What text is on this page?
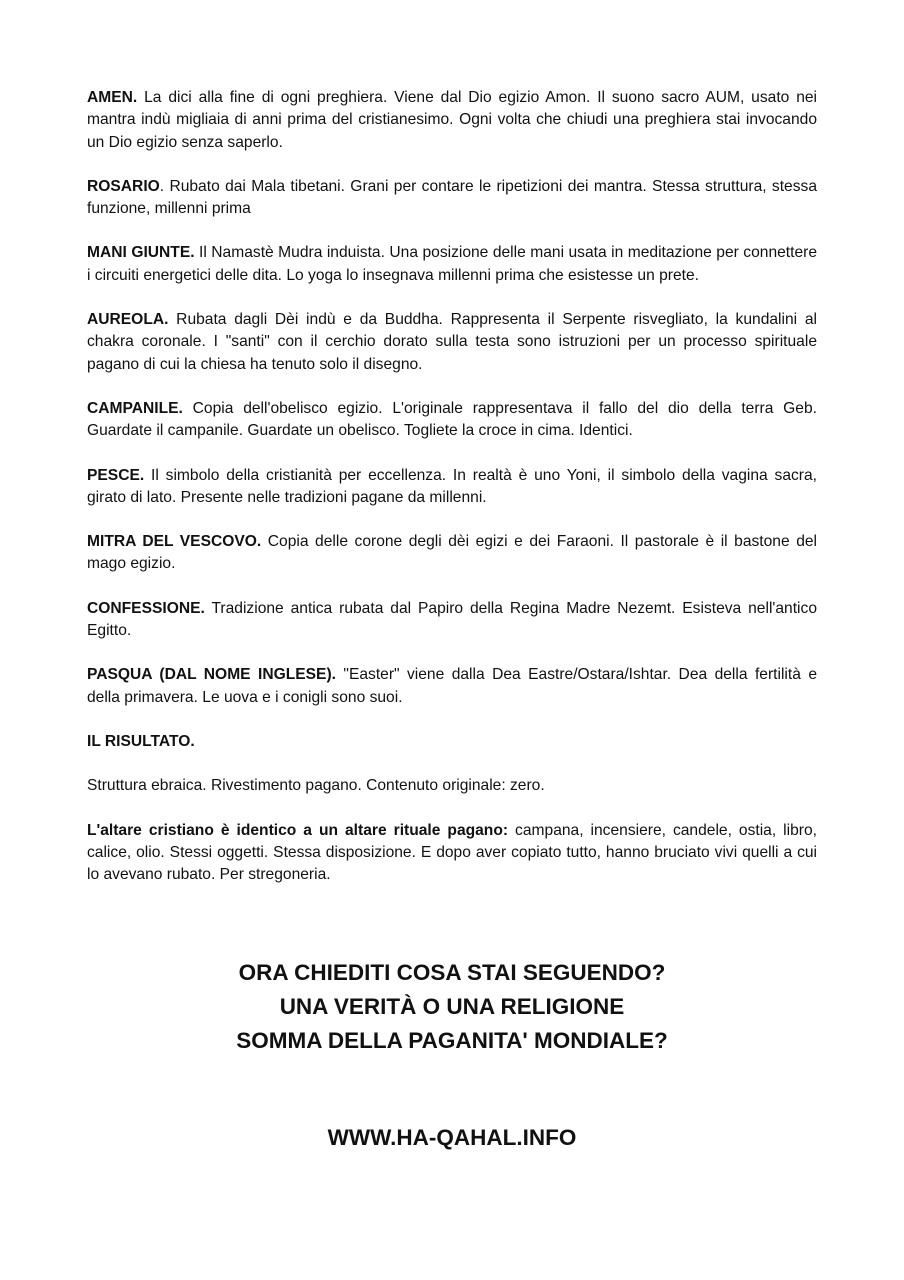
AMEN. La dici alla fine di ogni preghiera. Viene dal Dio egizio Amon. Il suono sacro AUM, usato nei mantra indù migliaia di anni prima del cristianesimo. Ogni volta che chiudi una preghiera stai invocando un Dio egizio senza saperlo.

ROSARIO. Rubato dai Mala tibetani. Grani per contare le ripetizioni dei mantra. Stessa struttura, stessa funzione, millenni prima

MANI GIUNTE. Il Namastè Mudra induista. Una posizione delle mani usata in meditazione per connettere i circuiti energetici delle dita. Lo yoga lo insegnava millenni prima che esistesse un prete.

AUREOLA. Rubata dagli Dèi indù e da Buddha. Rappresenta il Serpente risvegliato, la kundalini al chakra coronale. I "santi" con il cerchio dorato sulla testa sono istruzioni per un processo spirituale pagano di cui la chiesa ha tenuto solo il disegno.

CAMPANILE. Copia dell'obelisco egizio. L'originale rappresentava il fallo del dio della terra Geb. Guardate il campanile. Guardate un obelisco. Togliete la croce in cima. Identici.

PESCE. Il simbolo della cristianità per eccellenza. In realtà è uno Yoni, il simbolo della vagina sacra, girato di lato. Presente nelle tradizioni pagane da millenni.

MITRA DEL VESCOVO. Copia delle corone degli dèi egizi e dei Faraoni. Il pastorale è il bastone del mago egizio.

CONFESSIONE. Tradizione antica rubata dal Papiro della Regina Madre Nezemt. Esisteva nell'antico Egitto.

PASQUA (DAL NOME INGLESE). "Easter" viene dalla Dea Eastre/Ostara/Ishtar. Dea della fertilità e della primavera. Le uova e i conigli sono suoi.

IL RISULTATO.

Struttura ebraica. Rivestimento pagano. Contenuto originale: zero.

L'altare cristiano è identico a un altare rituale pagano: campana, incensiere, candele, ostia, libro, calice, olio. Stessi oggetti. Stessa disposizione. E dopo aver copiato tutto, hanno bruciato vivi quelli a cui lo avevano rubato. Per stregoneria.

ORA CHIEDITI COSA STAI SEGUENDO?
UNA VERITÀ O UNA RELIGIONE
SOMMA DELLA PAGANITA' MONDIALE?
WWW.HA-QAHAL.INFO
